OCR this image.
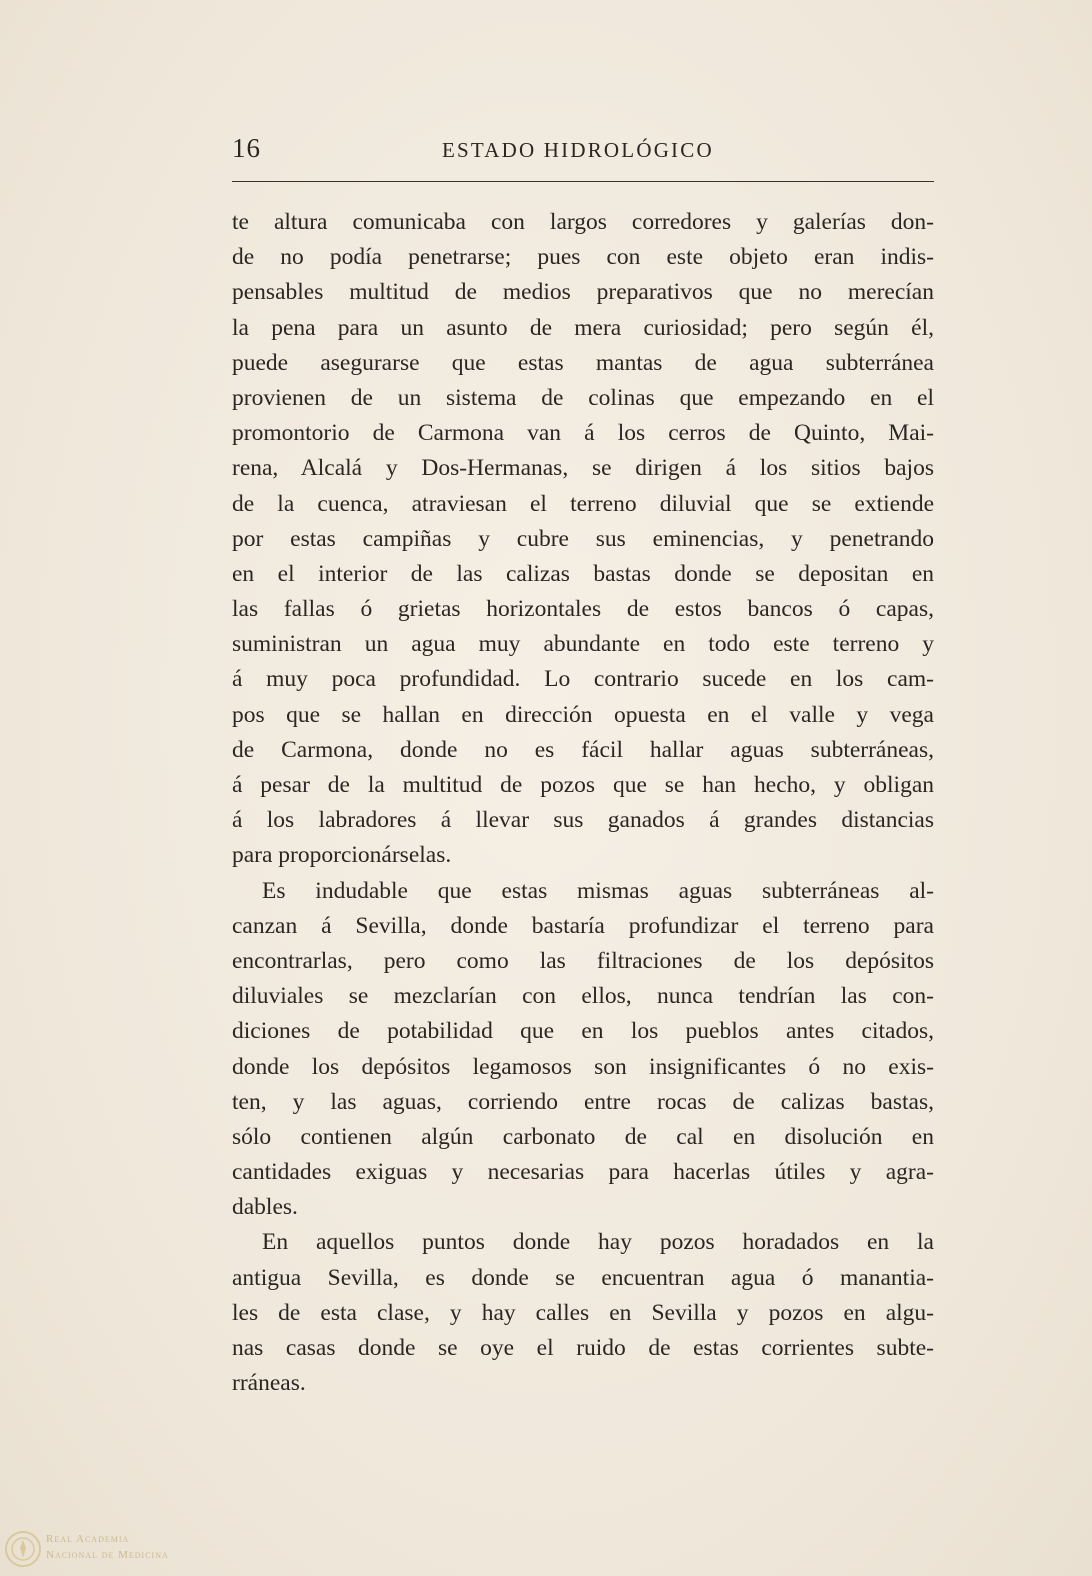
16	ESTADO HIDROLÓGICO
te altura comunicaba con largos corredores y galerías don-
de no podía penetrarse; pues con este objeto eran indis-
pensables multitud de medios preparativos que no merecían
la pena para un asunto de mera curiosidad; pero según él,
puede asegurarse que estas mantas de agua subterránea
provienen de un sistema de colinas que empezando en el
promontorio de Carmona van á los cerros de Quinto, Mai-
rena, Alcalá y Dos-Hermanas, se dirigen á los sitios bajos
de la cuenca, atraviesan el terreno diluvial que se extiende
por estas campiñas y cubre sus eminencias, y penetrando
en el interior de las calizas bastas donde se depositan en
las fallas ó grietas horizontales de estos bancos ó capas,
suministran un agua muy abundante en todo este terreno y
á muy poca profundidad. Lo contrario sucede en los cam-
pos que se hallan en dirección opuesta en el valle y vega
de Carmona, donde no es fácil hallar aguas subterráneas,
á pesar de la multitud de pozos que se han hecho, y obligan
á los labradores á llevar sus ganados á grandes distancias
para proporcionárselas.
Es indudable que estas mismas aguas subterráneas al-
canzan á Sevilla, donde bastaría profundizar el terreno para
encontrarlas, pero como las filtraciones de los depósitos
diluviales se mezclarían con ellos, nunca tendrían las con-
diciones de potabilidad que en los pueblos antes citados,
donde los depósitos legamosos son insignificantes ó no exis-
ten, y las aguas, corriendo entre rocas de calizas bastas,
sólo contienen algún carbonato de cal en disolución en
cantidades exiguas y necesarias para hacerlas útiles y agra-
dables.
En aquellos puntos donde hay pozos horadados en la
antigua Sevilla, es donde se encuentran agua ó manantia-
les de esta clase, y hay calles en Sevilla y pozos en algu-
nas casas donde se oye el ruido de estas corrientes subte-
rráneas.
Real Academia
Nacional de Medicina
